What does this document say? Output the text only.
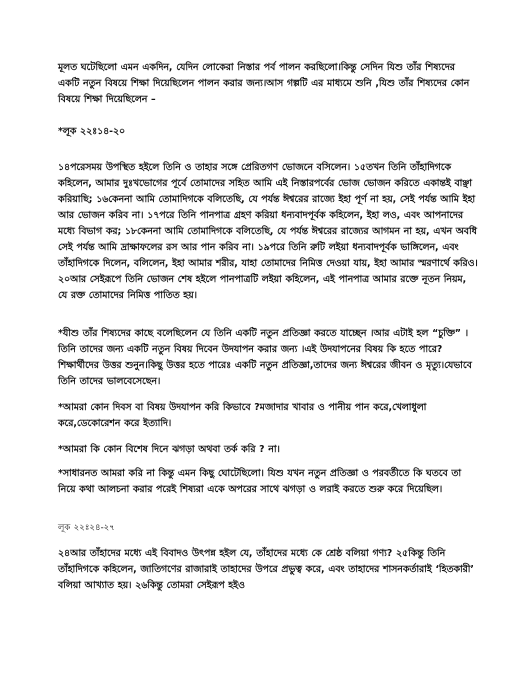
মূলত ঘটেছিলো এমন একদিন, যেদিন লোকেরা নিস্তার পর্ব পালন করছিলো।কিন্তু সেদিন যিশু তাঁর শিষ্যদের একটি নতুন বিষয়ে শিক্ষা দিয়েছিলেন পালন করার জন্য।আস গল্পটি এর মাধ্যমে শুনি ,যিশু তাঁর শিষ্যদের কোন বিষয়ে শিক্ষা দিয়েছিলেন –

*লূক ২২ঃ১৪-২০

১৪পরেসময় উপস্থিত হইলে তিনি ও তাহার সঙ্গে প্রেরিতগণ ভোজনে বসিলেন। ১৫তখন তিনি তাঁহাদিগকে কহিলেন, আমার দুঃখভোগের পূর্বে তোমাদের সহিত আমি এই নিস্তারপর্বের ভোজ ভোজন করিতে একান্তই বাঞ্ছা করিয়াছি; ১৬কেননা আমি তোমাদিগকে বলিতেছি, যে পর্যন্ত ঈশ্বরের রাজ্যে ইহা পূর্ণ না হয়, সেই পর্যন্ত আমি ইহা আর ভোজন করিব না। ১৭পরে তিনি পানপাত্র গ্রহণ করিয়া ধন্যবাদপূর্বক কহিলেন, ইহা লও, এবং আপনাদের মধ্যে বিভাগ কর; ১৮কেননা আমি তোমাদিগকে বলিতেছি, যে পর্যন্ত ঈশ্বরের রাজ্যের আগমন না হয়, এখন অবধি সেই পর্যন্ত আমি দ্রাক্ষাফলের রস আর পান করিব না। ১৯পরে তিনি রুটি লইয়া ধন্যবাদপূর্বক ভাঙ্গিলেন, এবং তাঁহাদিগকে দিলেন, বলিলেন, ইহা আমার শরীর, যাহা তোমাদের নিমিত্ত দেওয়া যায়, ইহা আমার স্মরণার্থে করিও। ২০আর সেইরূপে তিনি ভোজন শেষ হইলে পানপাত্রটি লইয়া কহিলেন, এই পানপাত্র আমার রক্তে নূতন নিয়ম, যে রক্ত তোমাদের নিমিত্ত পাতিত হয়।

*যীশু তাঁর শিষ্যদের কাছে বলেছিলেন যে তিনি একটি নতুন প্রতিজ্ঞা করতে যাচ্ছেন ।আর এটাই হল “চুক্তি” ।তিনি তাদের জন্য একটি নতুন বিষয় দিবেন উদযাপন করার জন্য ।এই উদযাপনের বিষয় কি হতে পারে? শিক্ষার্থীদের উত্তর শুনুন।কিছু উত্তর হতে পারেঃ একটি নতুন প্রতিজ্ঞা,তাদের জন্য ঈশ্বরের জীবন ও মৃত্যু।যেভাবে তিনি তাদের ভালবেসেছেন।

*আমরা কোন দিবস বা বিষয় উদযাপন করি কিভাবে ?মজাদার খাবার ও পানীয় পান করে,খেলাধুলা করে,ডেকোরেশন করে ইত্যাদি।

*আমরা কি কোন বিশেষ দিনে ঝগড়া অথবা তর্ক করি ? না।

*সাধারনত আমরা করি না কিন্তু এমন কিছু ঘোটেছিলো। যিশু যখন নতুন প্রতিজ্ঞা ও পরবর্তীতে কি ঘতবে তা নিয়ে কথা আলচনা করার পরেই শিষ্যরা একে অপরের সাথে ঝগড়া ও লরাই করতে শুরু করে দিয়েছিল।

লূক ২২ঃ২৪-২৭

২৪আর তাঁহাদের মধ্যে এই বিবাদও উৎপন্ন হইল যে, তাঁহাদের মধ্যে কে শ্রেষ্ঠ বলিয়া গণ্য? ২৫কিন্তু তিনি তাঁহাদিগকে কহিলেন, জাতিগণের রাজারাই তাহাদের উপরে প্রভুত্ব করে, এবং তাহাদের শাসনকর্তারাই ‘হিতকারী’ বলিয়া আখ্যাত হয়। ২৬কিন্তু তোমরা সেইরূপ হইও
